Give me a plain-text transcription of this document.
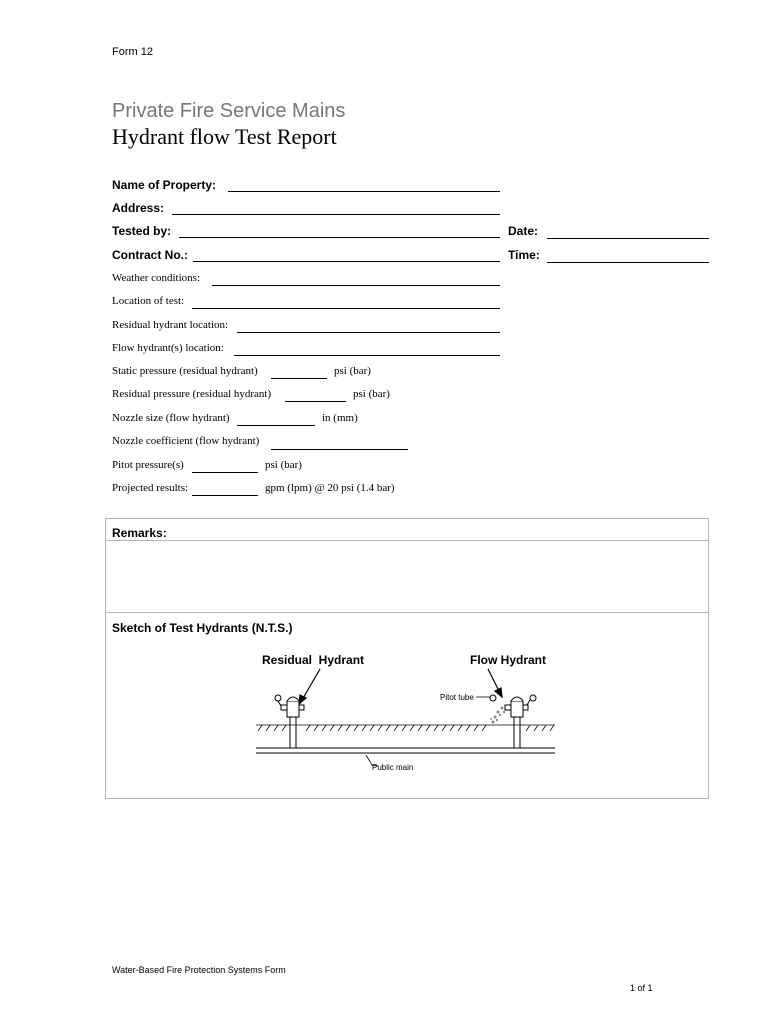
Form 12
Private Fire Service Mains
Hydrant flow Test Report
Name of Property:
Address:
Tested by:	Date:
Contract No.:	Time:
Weather conditions:
Location of test:
Residual hydrant location:
Flow hydrant(s) location:
Static pressure (residual hydrant)	psi (bar)
Residual pressure (residual hydrant)	psi (bar)
Nozzle size (flow hydrant)	in (mm)
Nozzle coefficient (flow hydrant)
Pitot pressure(s)	psi (bar)
Projected results:	gpm (lpm) @ 20 psi (1.4 bar)
Remarks:
Sketch of Test Hydrants (N.T.S.)
Residual  Hydrant	Flow Hydrant
Pitot tube
Public main
Water-Based Fire Protection Systems Form
1 of 1
